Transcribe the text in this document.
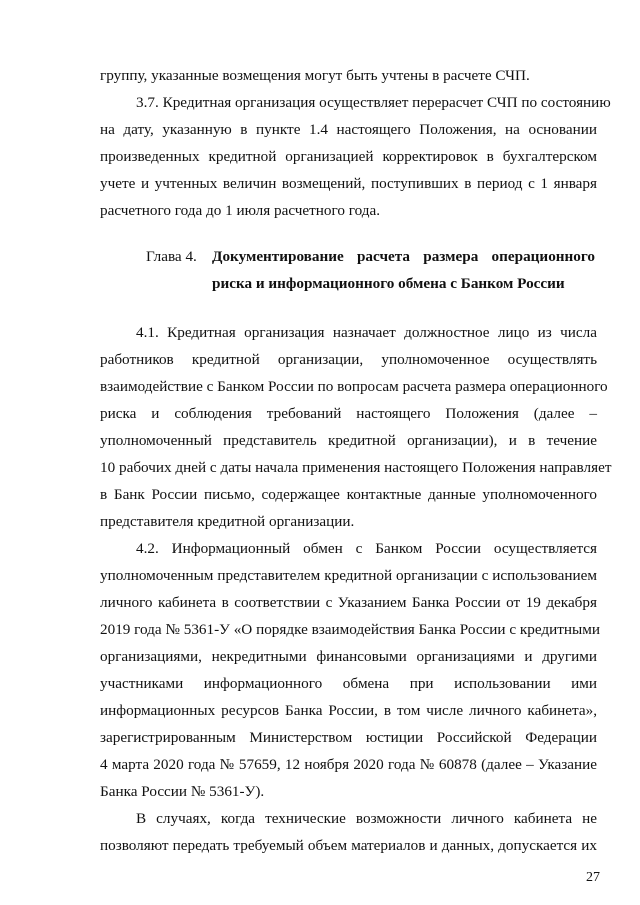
группу, указанные возмещения могут быть учтены в расчете СЧП.
3.7. Кредитная организация осуществляет перерасчет СЧП по состоянию
на дату, указанную в пункте 1.4 настоящего Положения, на основании
произведенных кредитной организацией корректировок в бухгалтерском
учете и учтенных величин возмещений, поступивших в период с 1 января
расчетного года до 1 июля расчетного года.
Глава 4. Документирование расчета размера операционного
риска и информационного обмена с Банком России
4.1. Кредитная организация назначает должностное лицо из числа
работников кредитной организации, уполномоченное осуществлять
взаимодействие с Банком России по вопросам расчета размера операционного
риска и соблюдения требований настоящего Положения (далее –
уполномоченный представитель кредитной организации), и в течение
10 рабочих дней с даты начала применения настоящего Положения направляет
в Банк России письмо, содержащее контактные данные уполномоченного
представителя кредитной организации.
4.2. Информационный обмен с Банком России осуществляется
уполномоченным представителем кредитной организации с использованием
личного кабинета в соответствии с Указанием Банка России от 19 декабря
2019 года № 5361-У «О порядке взаимодействия Банка России с кредитными
организациями, некредитными финансовыми организациями и другими
участниками информационного обмена при использовании ими
информационных ресурсов Банка России, в том числе личного кабинета»,
зарегистрированным Министерством юстиции Российской Федерации
4 марта 2020 года № 57659, 12 ноября 2020 года № 60878 (далее – Указание
Банка России № 5361-У).
В случаях, когда технические возможности личного кабинета не
позволяют передать требуемый объем материалов и данных, допускается их
27
